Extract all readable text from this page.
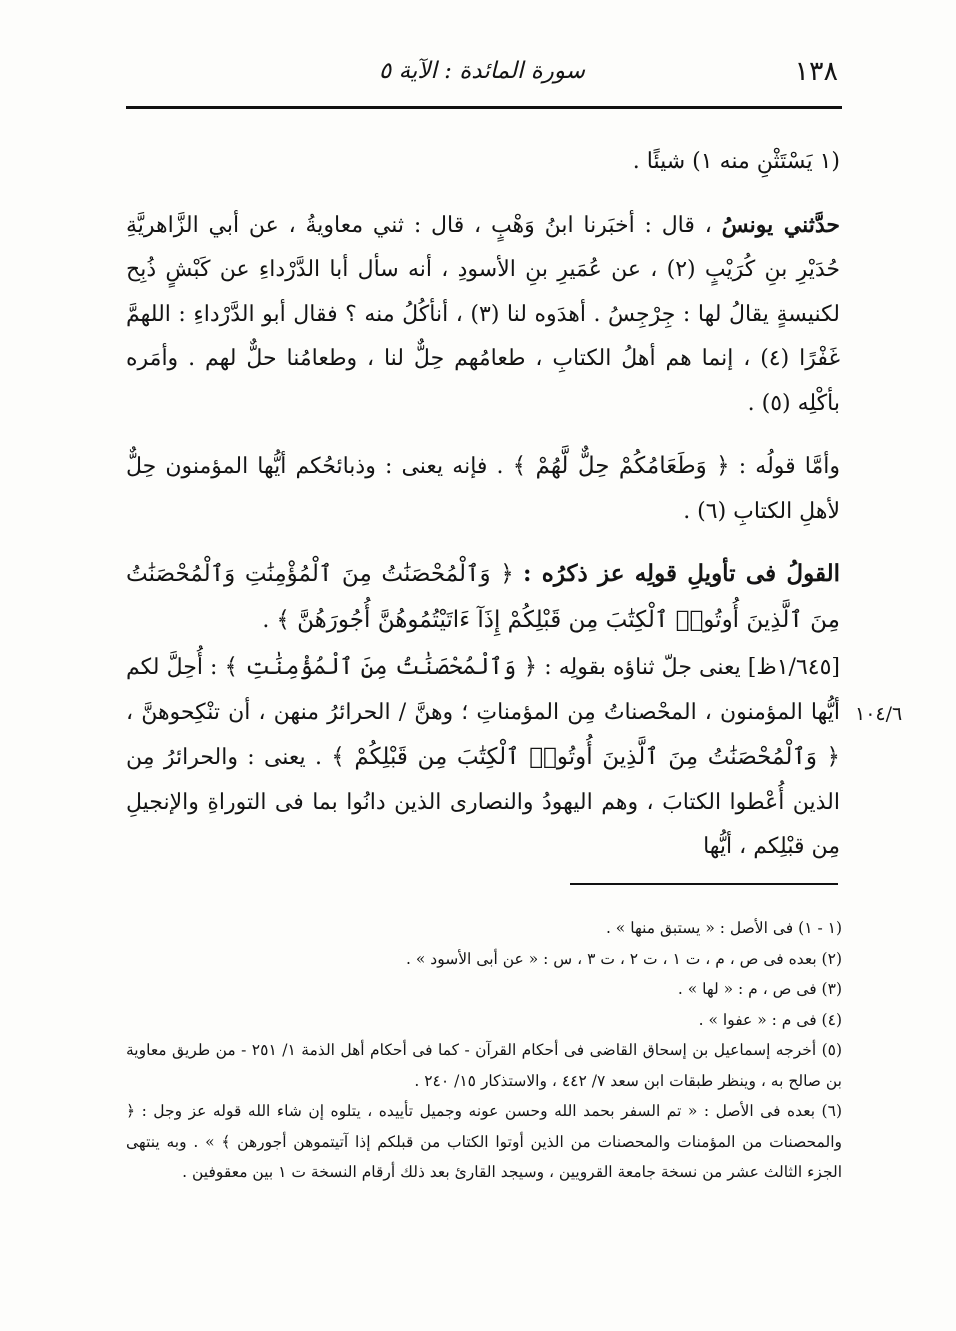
١٣٨
سورة المائدة : الآية ٥

(١ يَسْتَثْنِ منه ١) شيئًا .

حدَّثني يونسُ ، قال : أخبَرنا ابنُ وَهْبٍ ، قال : ثني معاويةُ ، عن أبي الزَّاهريَّةِ حُدَيْرِ بنِ كُرَيْبٍ (٢) ، عن عُمَيرِ بنِ الأسودِ ، أنه سأل أبا الدَّرْداءِ عن كَبْشٍ ذُبِح لكنيسةٍ يقالُ لها : جِرْجِسُ . أهدَوه لنا (٣) ، أنأكُلُ منه ؟ فقال أبو الدَّرْداءِ : اللهمَّ غَفْرًا (٤) ، إنما هم أهلُ الكتابِ ، طعامُهم حِلٌّ لنا ، وطعامُنا حلٌّ لهم . وأمَره بأكْلِه (٥) .

وأمَّا قولُه : ﴿ وَطَعَامُكُمْ حِلٌّ لَّهُمْ ﴾ . فإنه يعنى : وذبائحُكم أيُّها المؤمنون حِلٌّ لأهلِ الكتابِ (٦) .

القولُ فى تأويلِ قولِه عز ذكرُه : ﴿ وَٱلْمُحْصَنَٰتُ مِنَ ٱلْمُؤْمِنَٰتِ وَٱلْمُحْصَنَٰتُ مِنَ ٱلَّذِينَ أُوتُوا۟ ٱلْكِتَٰبَ مِن قَبْلِكُمْ إِذَآ ءَاتَيْتُمُوهُنَّ أُجُورَهُنَّ ﴾ .

[١/٦٤٥ظ] يعنى جلّ ثناؤه بقولِه : ﴿ وَٱلْمُحْصَنَٰتُ مِنَ ٱلْمُؤْمِنَٰتِ ﴾ : أُحِلَّ لكم أيُّها المؤمنون ، المحْصناتُ مِن المؤمناتِ ؛ وهنَّ / الحرائرُ منهن ، أن تنْكِحوهنَّ ، ﴿ وَٱلْمُحْصَنَٰتُ مِنَ ٱلَّذِينَ أُوتُوا۟ ٱلْكِتَٰبَ مِن قَبْلِكُمْ ﴾ . يعنى : والحرائرُ مِن الذين أُعْطوا الكتابَ ، وهم اليهودُ والنصارى الذين دانُوا بما فى التوراةِ والإنجيلِ مِن قبْلِكم ، أيُّها

١٠٤/٦

(١ - ١) فى الأصل : « يستبق منها » .

(٢) بعده فى ص ، م ، ت ١ ، ت ٢ ، ت ٣ ، س : « عن أبى الأسود » .

(٣) فى ص ، م : « لها » .

(٤) فى م : « عفوا » .

(٥) أخرجه إسماعيل بن إسحاق القاضى فى أحكام القرآن - كما فى أحكام أهل الذمة ١/ ٢٥١ - من طريق معاوية بن صالح به ، وينظر طبقات ابن سعد ٧/ ٤٤٢ ، والاستذكار ١٥/ ٢٤٠ .

(٦) بعده فى الأصل : « تم السفر بحمد الله وحسن عونه وجميل تأييده ، يتلوه إن شاء الله قوله عز وجل : ﴿ والمحصنات من المؤمنات والمحصنات من الذين أوتوا الكتاب من قبلكم إذا آتيتموهن أجورهن ﴾ » . وبه ينتهى الجزء الثالث عشر من نسخة جامعة القرويين ، وسيجد القارئ بعد ذلك أرقام النسخة ت ١ بين معقوفين .
